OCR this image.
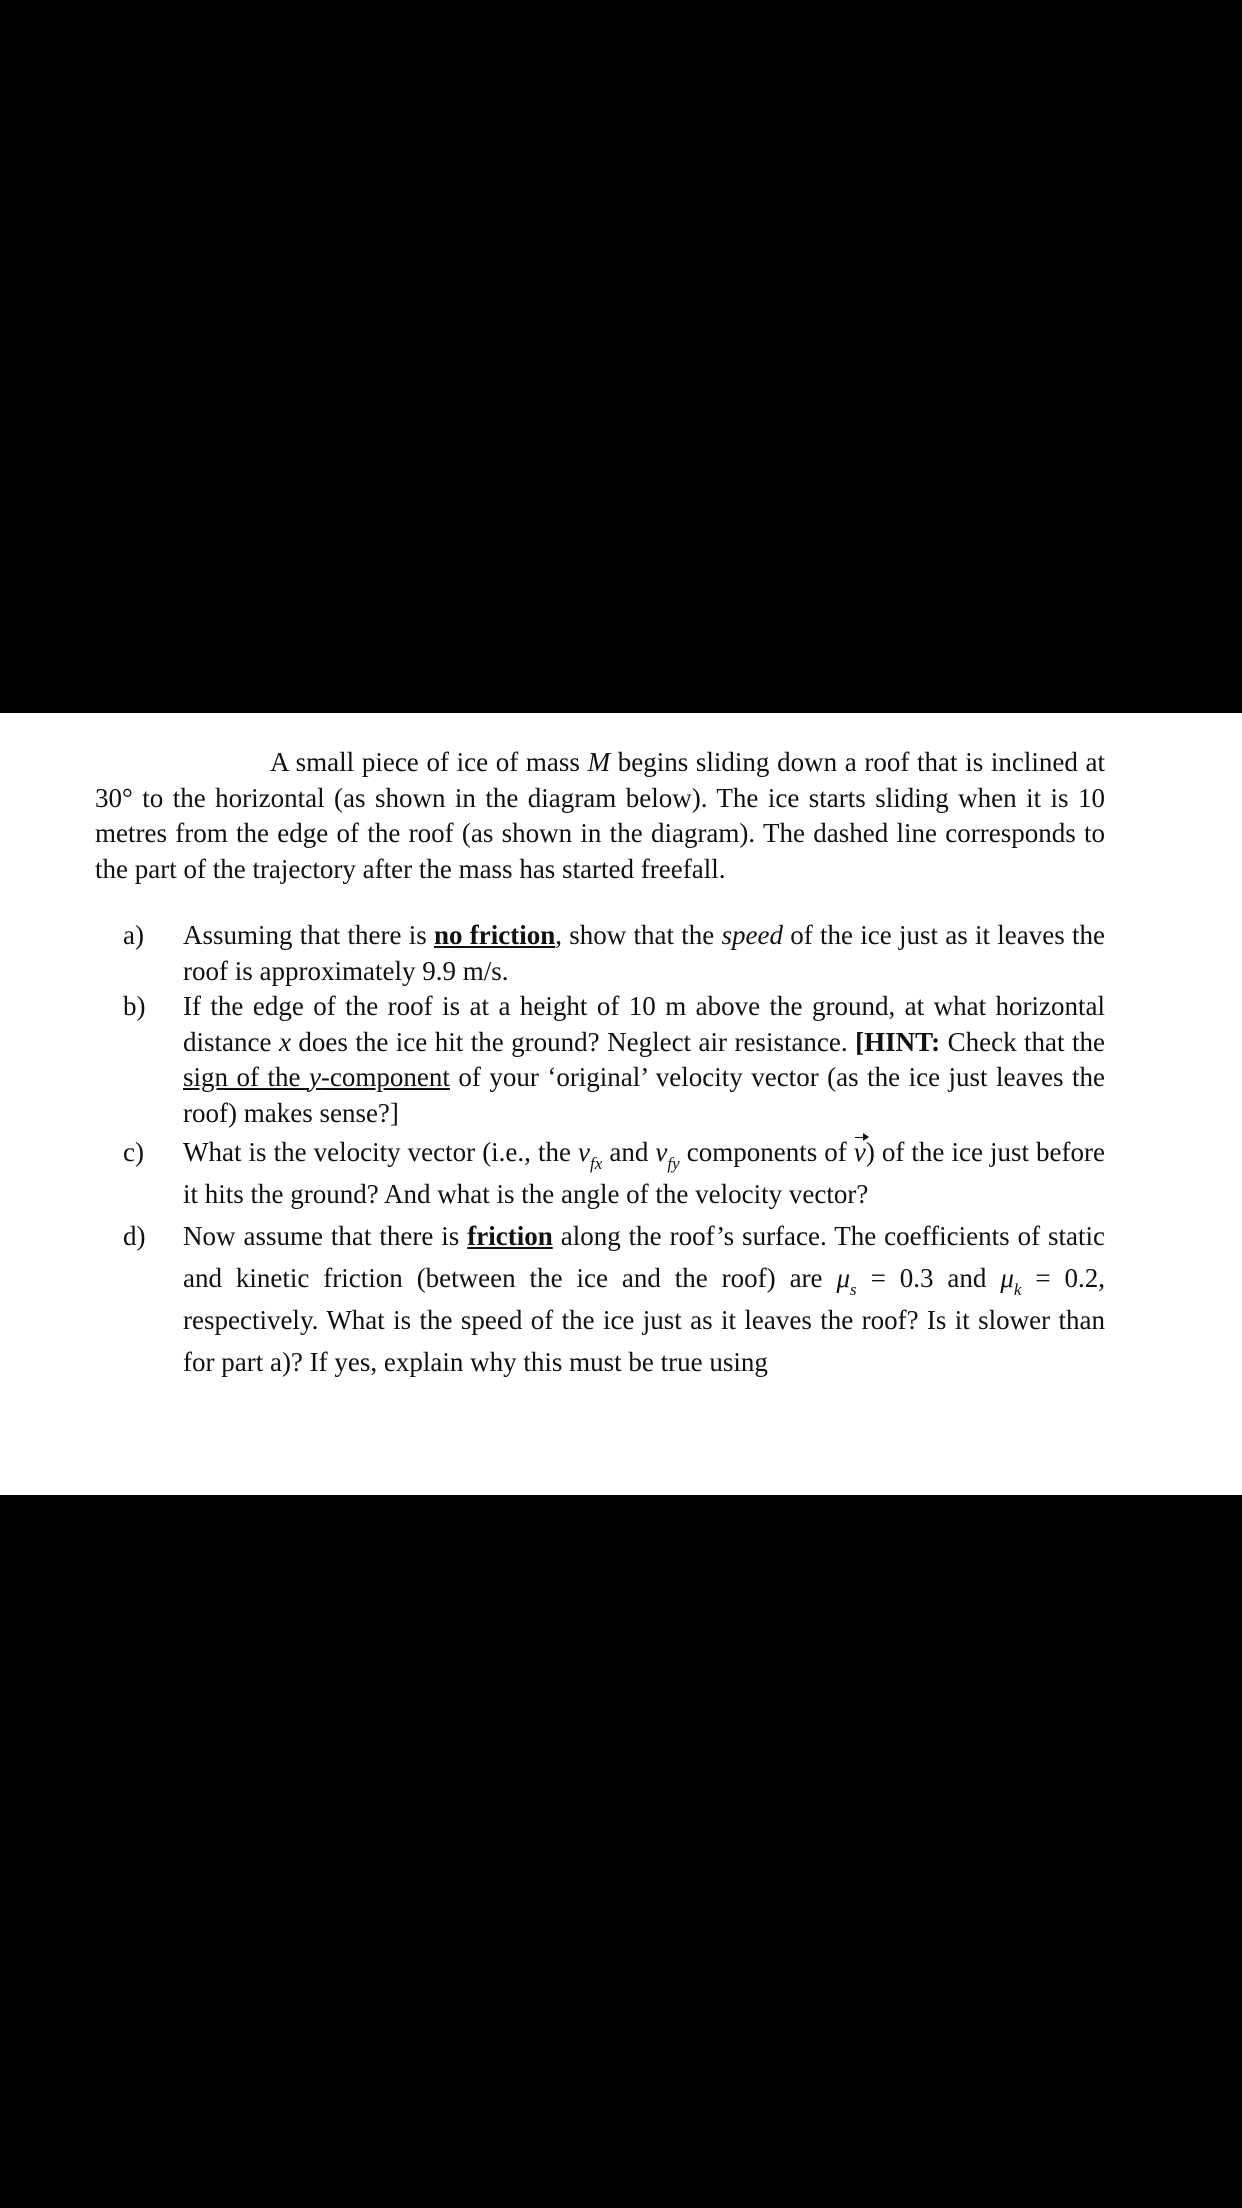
A small piece of ice of mass M begins sliding down a roof that is inclined at 30° to the horizontal (as shown in the diagram below). The ice starts sliding when it is 10 metres from the edge of the roof (as shown in the diagram). The dashed line corresponds to the part of the trajectory after the mass has started freefall.
a) Assuming that there is no friction, show that the speed of the ice just as it leaves the roof is approximately 9.9 m/s.
b) If the edge of the roof is at a height of 10 m above the ground, at what horizontal distance x does the ice hit the ground? Neglect air resistance. [HINT: Check that the sign of the y-component of your ‘original’ velocity vector (as the ice just leaves the roof) makes sense?]
c) What is the velocity vector (i.e., the $v_{fx}$ and $v_{fy}$ components of v) of the ice just before it hits the ground? And what is the angle of the velocity vector?
d) Now assume that there is friction along the roof’s surface. The coefficients of static and kinetic friction (between the ice and the roof) are $\mu_s = 0.3$ and $\mu_k = 0.2$, respectively. What is the speed of the ice just as it leaves the roof? Is it slower than for part a)? If yes, explain why this must be true using
